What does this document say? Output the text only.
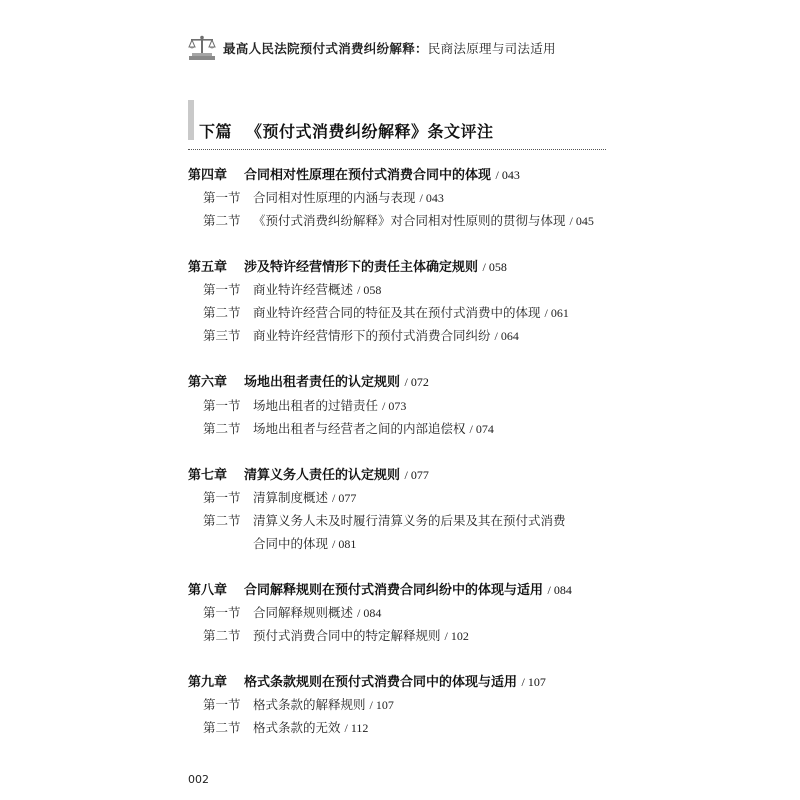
最高人民法院预付式消费纠纷解释：民商法原理与司法适用
下篇 《预付式消费纠纷解释》条文评注
第四章 合同相对性原理在预付式消费合同中的体现 / 043
第一节 合同相对性原理的内涵与表现 / 043
第二节 《预付式消费纠纷解释》对合同相对性原则的贯彻与体现 / 045
第五章 涉及特许经营情形下的责任主体确定规则 / 058
第一节 商业特许经营概述 / 058
第二节 商业特许经营合同的特征及其在预付式消费中的体现 / 061
第三节 商业特许经营情形下的预付式消费合同纠纷 / 064
第六章 场地出租者责任的认定规则 / 072
第一节 场地出租者的过错责任 / 073
第二节 场地出租者与经营者之间的内部追偿权 / 074
第七章 清算义务人责任的认定规则 / 077
第一节 清算制度概述 / 077
第二节 清算义务人未及时履行清算义务的后果及其在预付式消费
合同中的体现 / 081
第八章 合同解释规则在预付式消费合同纠纷中的体现与适用 / 084
第一节 合同解释规则概述 / 084
第二节 预付式消费合同中的特定解释规则 / 102
第九章 格式条款规则在预付式消费合同中的体现与适用 / 107
第一节 格式条款的解释规则 / 107
第二节 格式条款的无效 / 112
002
